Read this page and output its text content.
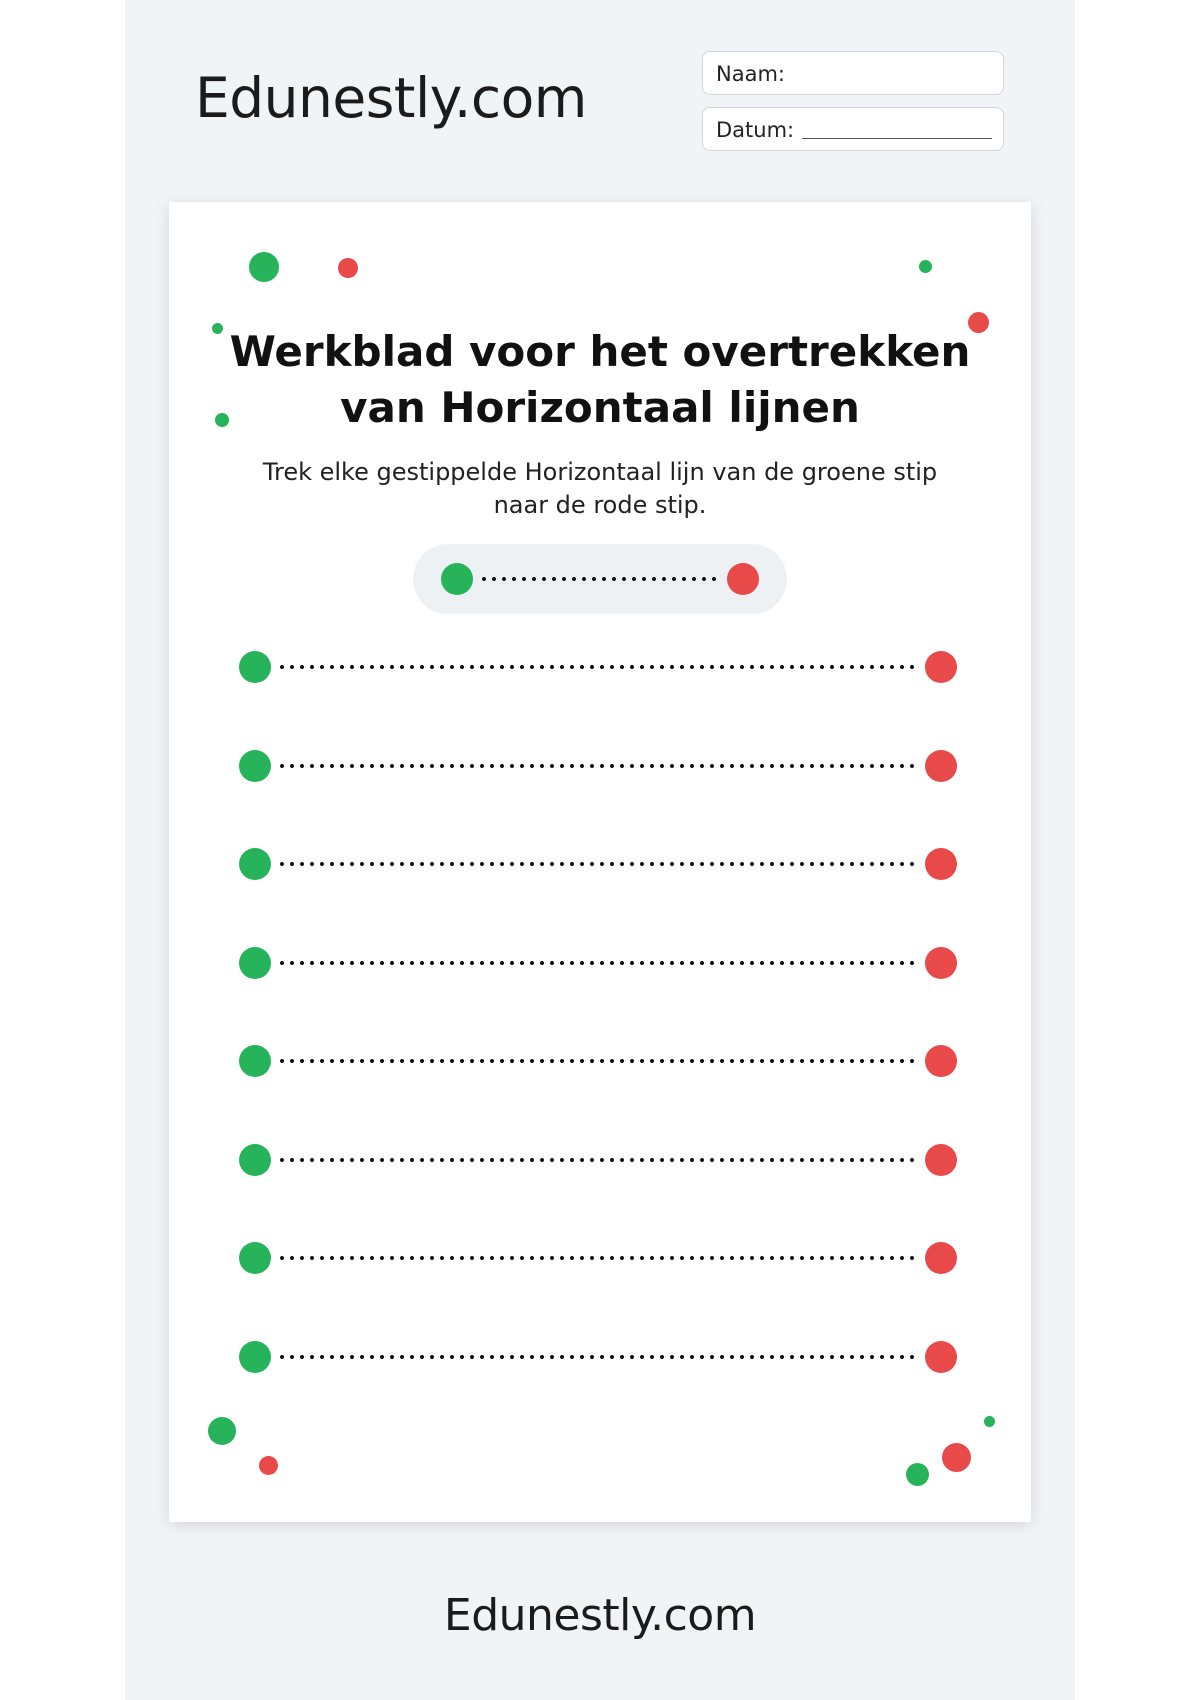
Edunestly.com	Naam:
Datum:
Werkblad voor het overtrekken
van Horizontaal lijnen
Trek elke gestippelde Horizontaal lijn van de groene stip
naar de rode stip.
Edunestly.com
